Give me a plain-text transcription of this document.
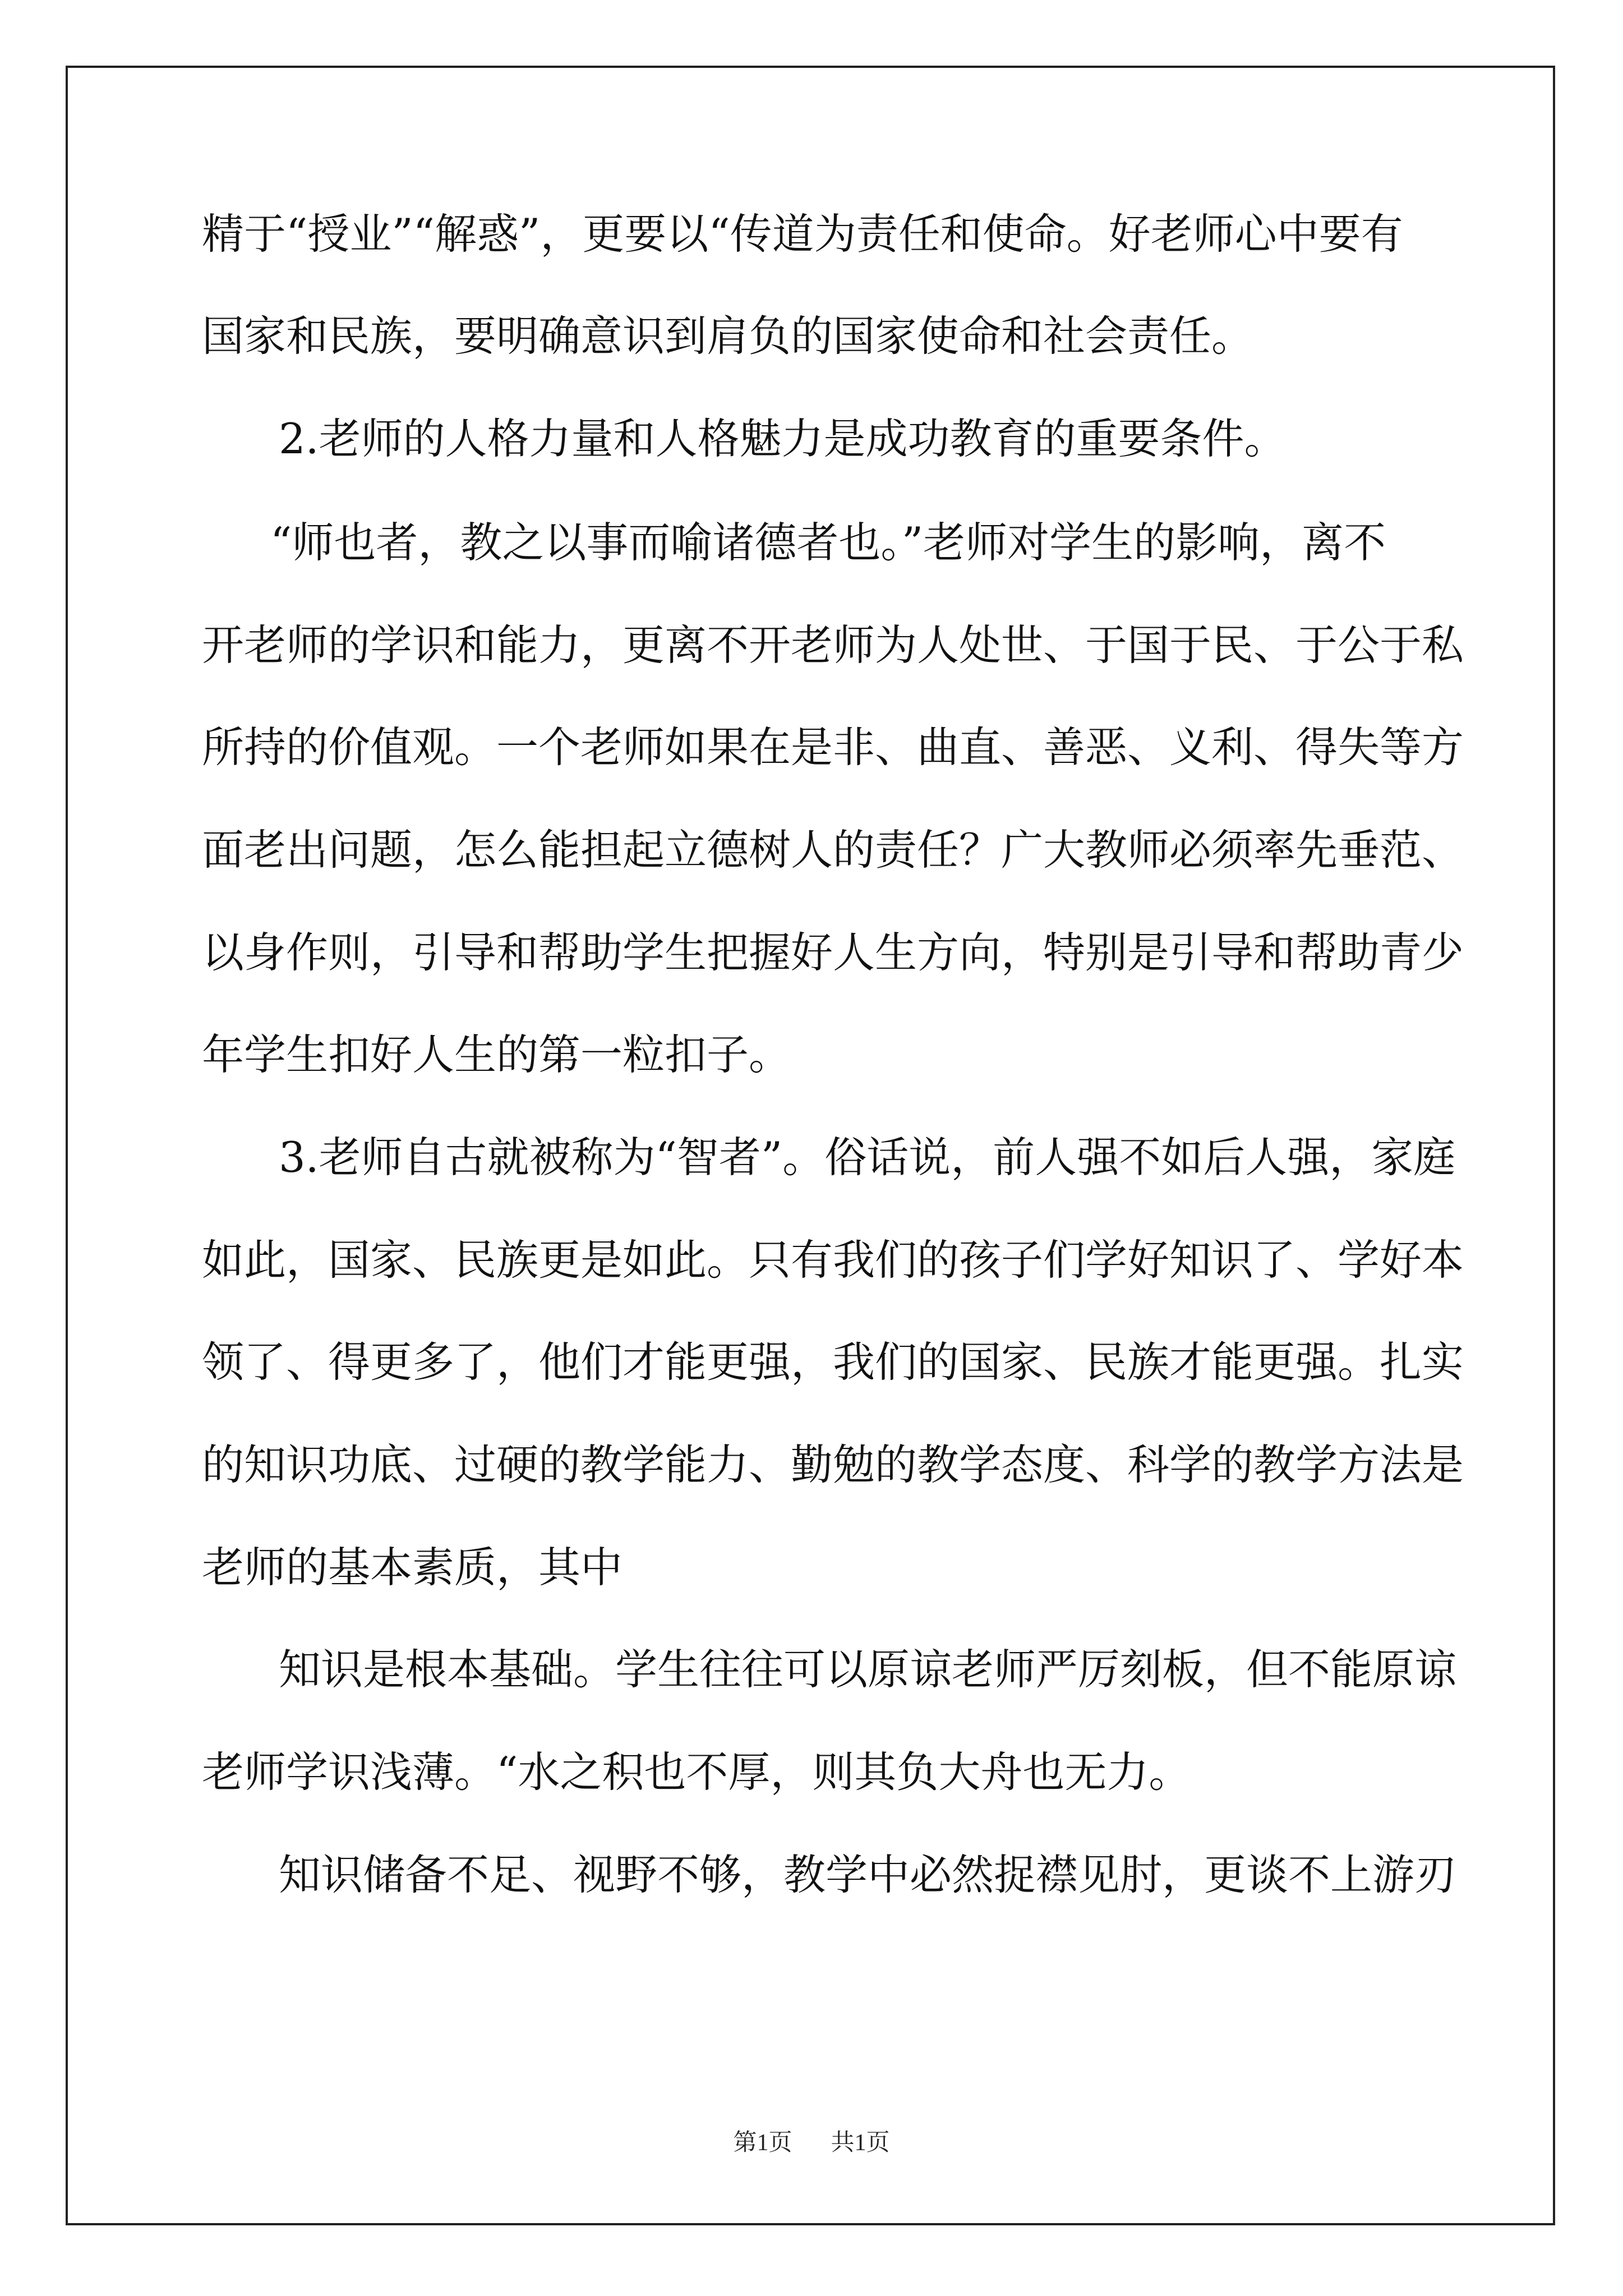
精于“授业”“解惑”，更要以“传道为责任和使命。好老师心中要有
国家和民族，要明确意识到肩负的国家使命和社会责任。
2.老师的人格力量和人格魅力是成功教育的重要条件。
“师也者，教之以事而喻诸德者也。”老师对学生的影响，离不
开老师的学识和能力，更离不开老师为人处世、于国于民、于公于私
所持的价值观。一个老师如果在是非、曲直、善恶、义利、得失等方
面老出问题，怎么能担起立德树人的责任？广大教师必须率先垂范、
以身作则，引导和帮助学生把握好人生方向，特别是引导和帮助青少
年学生扣好人生的第一粒扣子。
3.老师自古就被称为“智者”。俗话说，前人强不如后人强，家庭
如此，国家、民族更是如此。只有我们的孩子们学好知识了、学好本
领了、得更多了，他们才能更强，我们的国家、民族才能更强。扎实
的知识功底、过硬的教学能力、勤勉的教学态度、科学的教学方法是
老师的基本素质，其中
知识是根本基础。学生往往可以原谅老师严厉刻板，但不能原谅
老师学识浅薄。“水之积也不厚，则其负大舟也无力。
知识储备不足、视野不够，教学中必然捉襟见肘，更谈不上游刃
第1页 共1页
